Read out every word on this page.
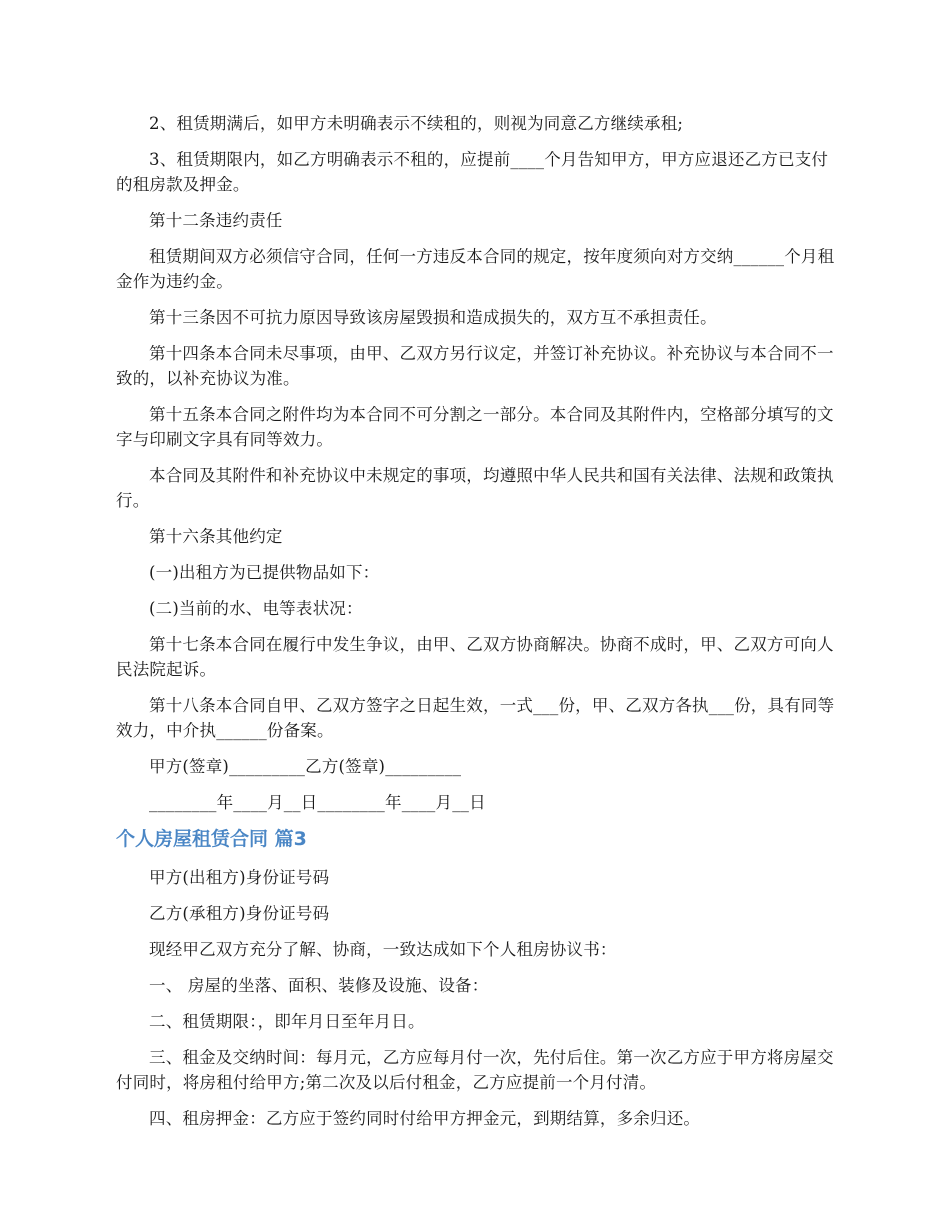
2、租赁期满后，如甲方未明确表示不续租的，则视为同意乙方继续承租;

3、租赁期限内，如乙方明确表示不租的，应提前____个月告知甲方，甲方应退还乙方已支付的租房款及押金。

第十二条违约责任

租赁期间双方必须信守合同，任何一方违反本合同的规定，按年度须向对方交纳______个月租金作为违约金。

第十三条因不可抗力原因导致该房屋毁损和造成损失的，双方互不承担责任。

第十四条本合同未尽事项，由甲、乙双方另行议定，并签订补充协议。补充协议与本合同不一致的，以补充协议为准。

第十五条本合同之附件均为本合同不可分割之一部分。本合同及其附件内，空格部分填写的文字与印刷文字具有同等效力。

本合同及其附件和补充协议中未规定的事项，均遵照中华人民共和国有关法律、法规和政策执行。

第十六条其他约定

(一)出租方为已提供物品如下：

(二)当前的水、电等表状况：

第十七条本合同在履行中发生争议，由甲、乙双方协商解决。协商不成时，甲、乙双方可向人民法院起诉。

第十八条本合同自甲、乙双方签字之日起生效，一式___份，甲、乙双方各执___份，具有同等效力，中介执______份备案。

甲方(签章)_________乙方(签章)_________

________年____月__日________年____月__日

个人房屋租赁合同 篇3

甲方(出租方)身份证号码

乙方(承租方)身份证号码

现经甲乙双方充分了解、协商，一致达成如下个人租房协议书：

一、 房屋的坐落、面积、装修及设施、设备：

二、租赁期限：，即年月日至年月日。

三、租金及交纳时间：每月元，乙方应每月付一次，先付后住。第一次乙方应于甲方将房屋交付同时，将房租付给甲方;第二次及以后付租金，乙方应提前一个月付清。

四、租房押金：乙方应于签约同时付给甲方押金元，到期结算，多余归还。
